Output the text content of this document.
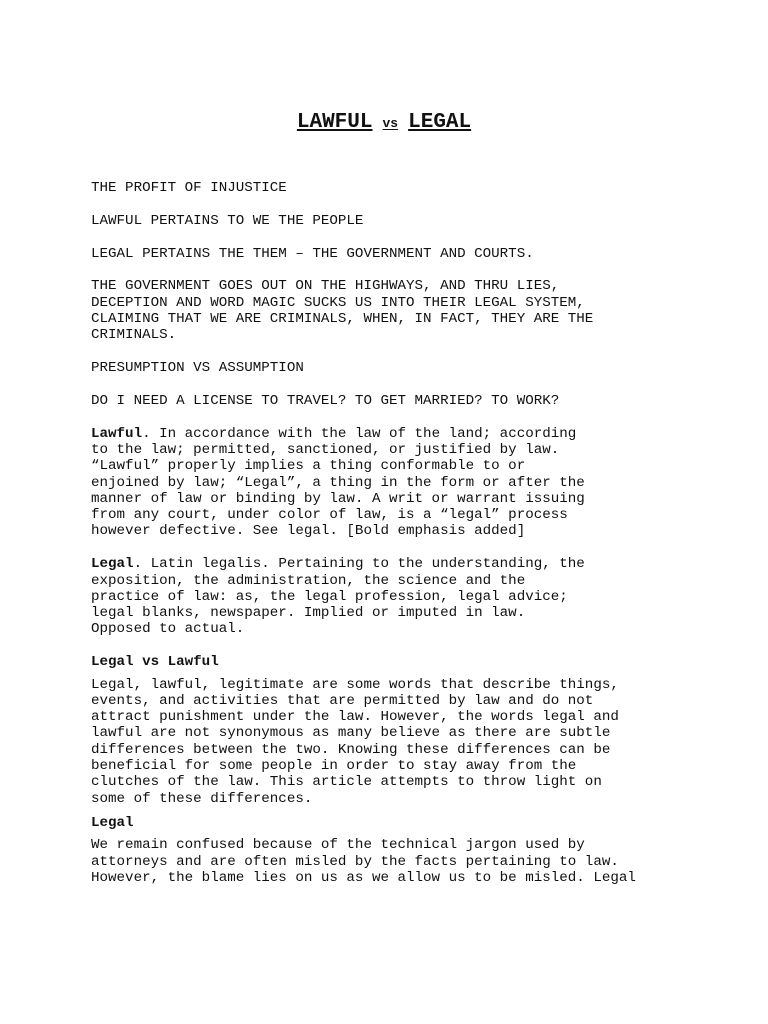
LAWFUL vs LEGAL
THE PROFIT OF INJUSTICE
LAWFUL PERTAINS TO WE THE PEOPLE
LEGAL PERTAINS THE THEM – THE GOVERNMENT AND COURTS.
THE GOVERNMENT GOES OUT ON THE HIGHWAYS, AND THRU LIES,
DECEPTION AND WORD MAGIC SUCKS US INTO THEIR LEGAL SYSTEM,
CLAIMING THAT WE ARE CRIMINALS, WHEN, IN FACT, THEY ARE THE
CRIMINALS.
PRESUMPTION VS ASSUMPTION
DO I NEED A LICENSE TO TRAVEL? TO GET MARRIED? TO WORK?
Lawful. In accordance with the law of the land; according
to the law; permitted, sanctioned, or justified by law.
“Lawful” properly implies a thing conformable to or
enjoined by law; “Legal”, a thing in the form or after the
manner of law or binding by law. A writ or warrant issuing
from any court, under color of law, is a “legal” process
however defective. See legal. [Bold emphasis added]
Legal. Latin legalis. Pertaining to the understanding, the
exposition, the administration, the science and the
practice of law: as, the legal profession, legal advice;
legal blanks, newspaper. Implied or imputed in law.
Opposed to actual.
Legal vs Lawful
Legal, lawful, legitimate are some words that describe things,
events, and activities that are permitted by law and do not
attract punishment under the law. However, the words legal and
lawful are not synonymous as many believe as there are subtle
differences between the two. Knowing these differences can be
beneficial for some people in order to stay away from the
clutches of the law. This article attempts to throw light on
some of these differences.
Legal
We remain confused because of the technical jargon used by
attorneys and are often misled by the facts pertaining to law.
However, the blame lies on us as we allow us to be misled. Legal
